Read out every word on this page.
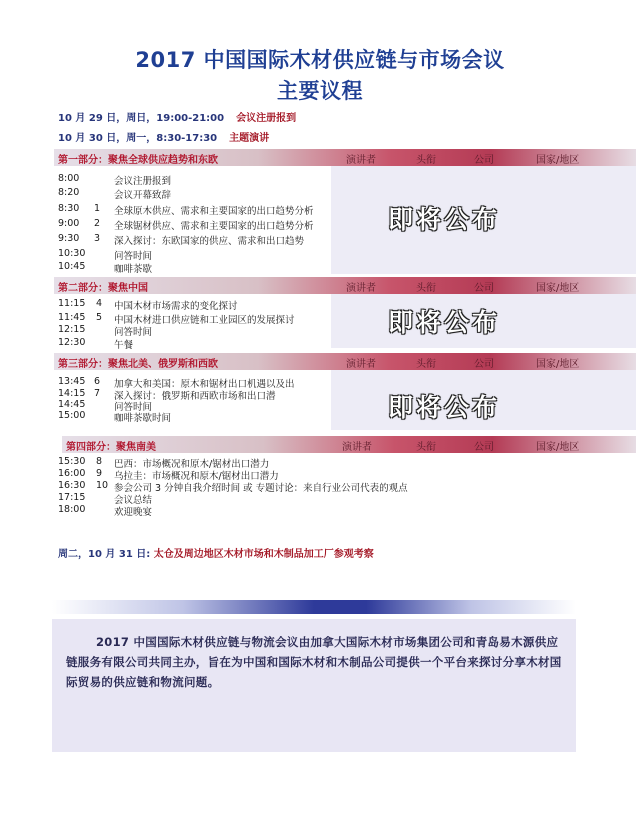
2017 中国国际木材供应链与市场会议
主要议程
10 月 29 日，周日，19:00-21:00 会议注册报到
10 月 30 日，周一，8:30-17:30 主题演讲
第一部分：聚焦全球供应趋势和东欧	演讲者	头衔	公司	国家/地区
即将公布
8:00	会议注册报到
8:20	会议开幕致辞
8:30 1 全球原木供应、需求和主要国家的出口趋势分析
9:00 2 全球锯材供应、需求和主要国家的出口趋势分析
9:30 3 深入探讨：东欧国家的供应、需求和出口趋势
10:30	问答时间
10:45	咖啡茶歇
第二部分：聚焦中国	演讲者	头衔	公司	国家/地区
即将公布
11:15 4 中国木材市场需求的变化探讨
11:45 5 中国木材进口供应链和工业园区的发展探讨
12:15	问答时间
12:30	午餐
第三部分：聚焦北美、俄罗斯和西欧	演讲者	头衔	公司	国家/地区
即将公布
13:45 6 加拿大和美国：原木和锯材出口机遇以及出
14:15 7 深入探讨：俄罗斯和西欧市场和出口潜
14:45	问答时间
15:00	咖啡茶歇时间
第四部分：聚焦南美	演讲者	头衔	公司	国家/地区
15:30 8 巴西：市场概况和原木/锯材出口潜力
16:00 9 乌拉圭：市场概况和原木/锯材出口潜力
16:30 10 参会公司 3 分钟自我介绍时间 或 专题讨论：来自行业公司代表的观点
17:15	会议总结
18:00	欢迎晚宴
周二，10 月 31 日: 太仓及周边地区木材市场和木制品加工厂参观考察
2017 中国国际木材供应链与物流会议由加拿大国际木材市场集团公司和青岛易木源供应链服务有限公司共同主办，旨在为中国和国际木材和木制品公司提供一个平台来探讨分享木材国际贸易的供应链和物流问题。
